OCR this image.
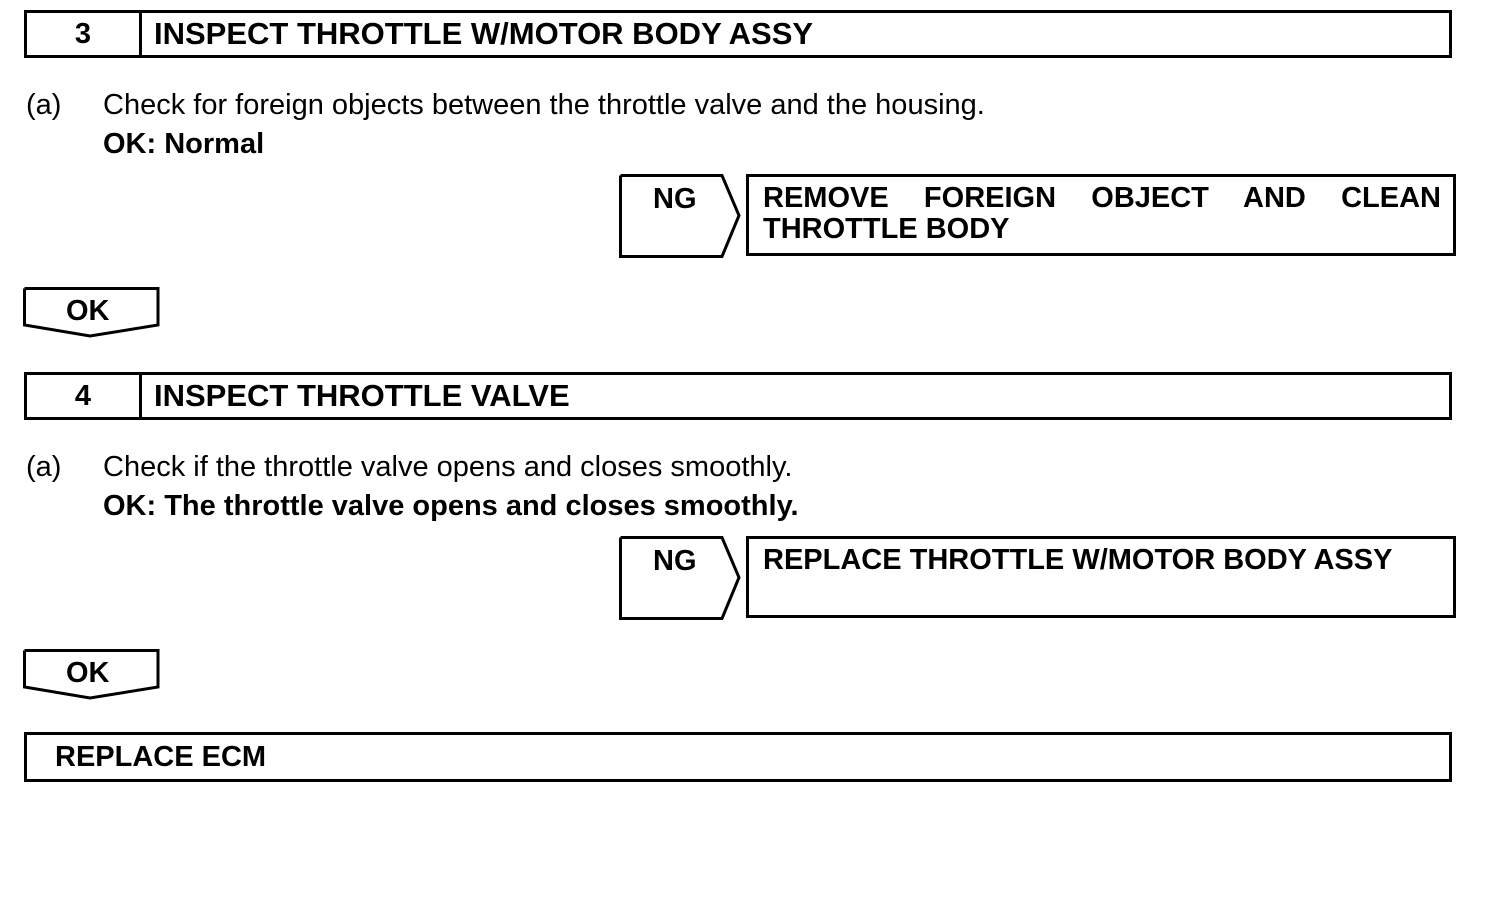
3	INSPECT THROTTLE W/MOTOR BODY ASSY
(a) Check for foreign objects between the throttle valve and the housing.
OK: Normal
NG REMOVE FOREIGN OBJECT AND CLEAN
THROTTLE BODY
OK
4	INSPECT THROTTLE VALVE
(a) Check if the throttle valve opens and closes smoothly.
OK: The throttle valve opens and closes smoothly.
NG REPLACE THROTTLE W/MOTOR BODY ASSY
OK
REPLACE ECM
